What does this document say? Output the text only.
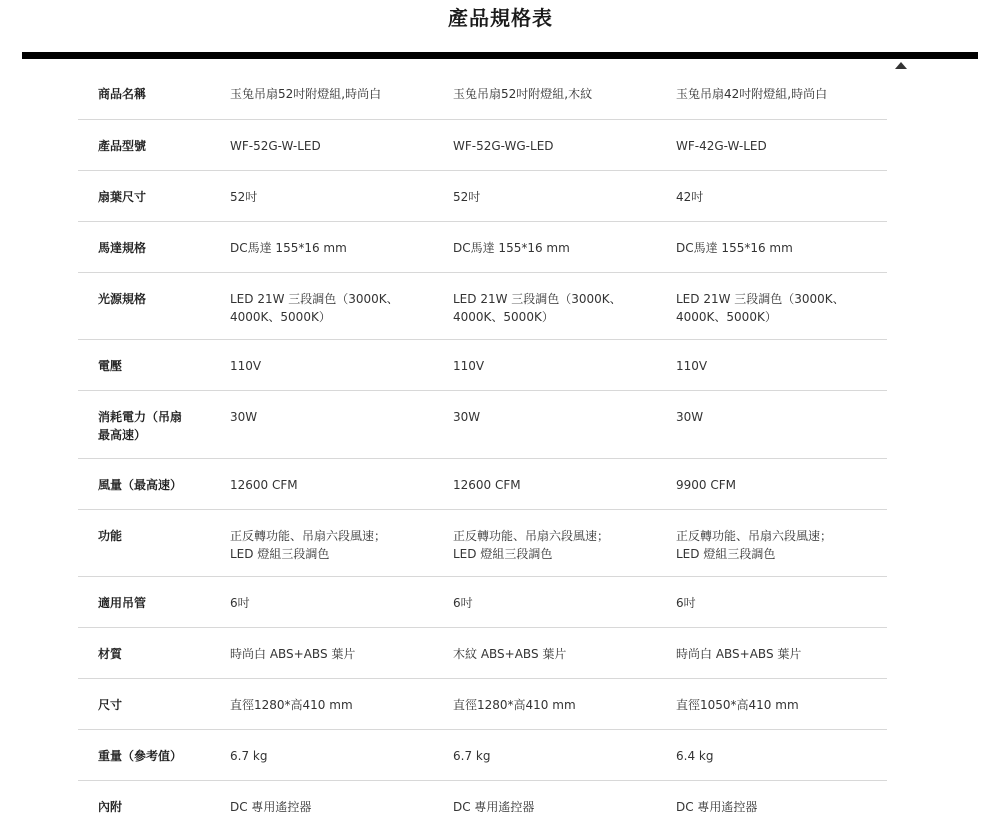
產品規格表
商品名稱	玉兔吊扇52吋附燈組,時尚白	玉兔吊扇52吋附燈組,木紋	玉兔吊扇42吋附燈組,時尚白
產品型號	WF-52G-W-LED	WF-52G-WG-LED	WF-42G-W-LED
扇葉尺寸	52吋	52吋	42吋
馬達規格	DC馬達 155*16 mm	DC馬達 155*16 mm	DC馬達 155*16 mm
光源規格	LED 21W 三段調色（3000K、
4000K、5000K）	LED 21W 三段調色（3000K、
4000K、5000K）	LED 21W 三段調色（3000K、
4000K、5000K）
電壓	110V	110V	110V
消耗電力（吊扇
最高速）	30W	30W	30W
風量（最高速）	12600 CFM	12600 CFM	9900 CFM
功能	正反轉功能、吊扇六段風速；
LED 燈組三段調色	正反轉功能、吊扇六段風速；
LED 燈組三段調色	正反轉功能、吊扇六段風速；
LED 燈組三段調色
適用吊管	6吋	6吋	6吋
材質	時尚白 ABS+ABS 葉片	木紋 ABS+ABS 葉片	時尚白 ABS+ABS 葉片
尺寸	直徑1280*高410 mm	直徑1280*高410 mm	直徑1050*高410 mm
重量（參考值）	6.7 kg	6.7 kg	6.4 kg
內附	DC 專用遙控器	DC 專用遙控器	DC 專用遙控器
